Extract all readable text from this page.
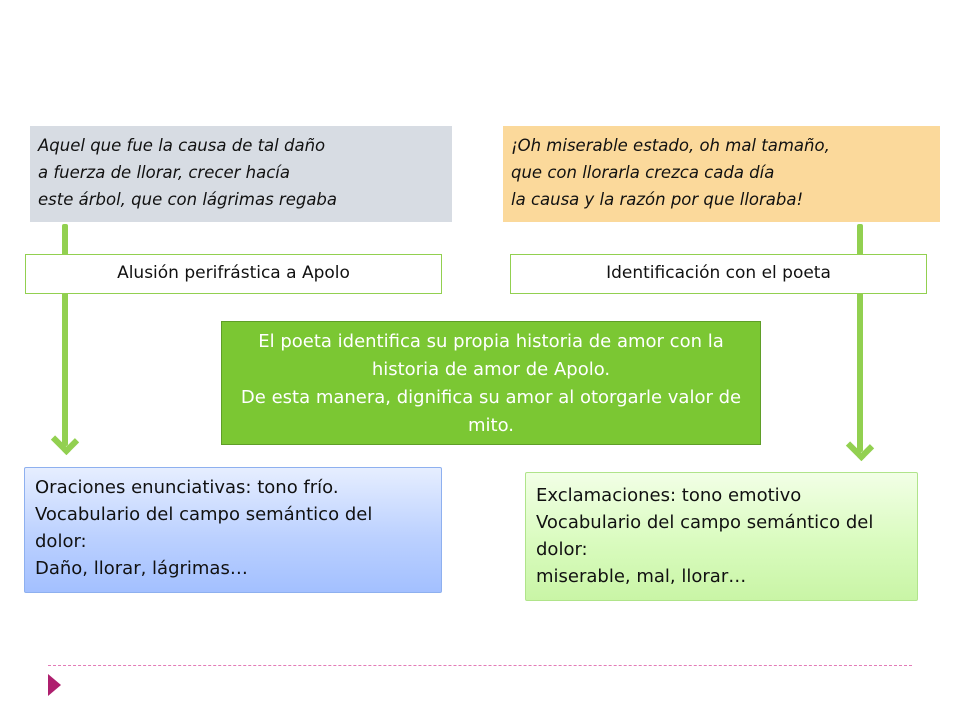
Aquel que fue la causa de tal daño
a fuerza de llorar, crecer hacía
este árbol, que con lágrimas regaba
¡Oh miserable estado, oh mal tamaño,
que con llorarla crezca cada día
la causa y la razón por que lloraba!
Alusión perifrástica a Apolo	Identificación con el poeta
El poeta identifica su propia historia de amor con la historia de amor de Apolo.
De esta manera, dignifica su amor al otorgarle valor de mito.
Oraciones enunciativas: tono frío.
Vocabulario del campo semántico del
dolor:
Daño, llorar, lágrimas…
Exclamaciones: tono emotivo
Vocabulario del campo semántico del
dolor:
miserable, mal, llorar…
